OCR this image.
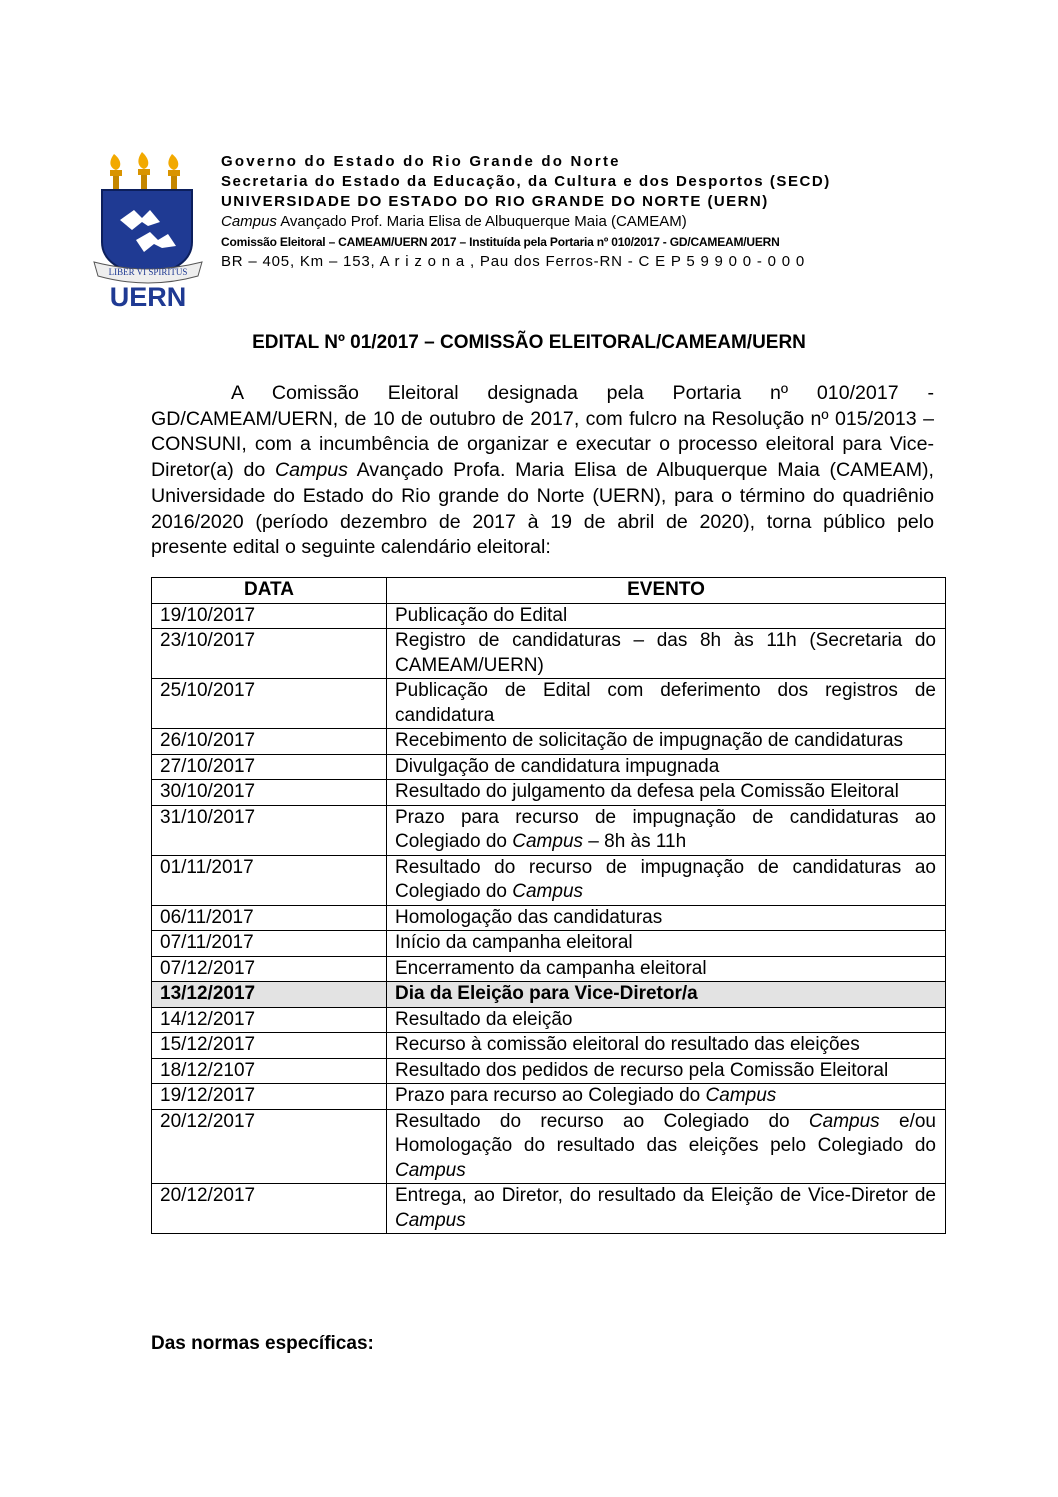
LIBER VI SPIRITUS
UERN
Governo do Estado do Rio Grande do Norte
Secretaria do Estado da Educação, da Cultura e dos Desportos (SECD)
UNIVERSIDADE DO ESTADO DO RIO GRANDE DO NORTE (UERN)
Campus Avançado Prof. Maria Elisa de Albuquerque Maia (CAMEAM)
Comissão Eleitoral – CAMEAM/UERN 2017 – Instituída pela Portaria nº 010/2017 - GD/CAMEAM/UERN
BR – 405, Km – 153, A r i z o n a , Pau dos Ferros-RN - C E P 5 9 9 0 0 - 0 0 0
EDITAL Nº 01/2017 – COMISSÃO ELEITORAL/CAMEAM/UERN
A Comissão Eleitoral designada pela Portaria nº 010/2017 - GD/CAMEAM/UERN, de 10 de outubro de 2017, com fulcro na Resolução nº 015/2013 – CONSUNI, com a incumbência de organizar e executar o processo eleitoral para Vice-Diretor(a) do Campus Avançado Profa. Maria Elisa de Albuquerque Maia (CAMEAM), Universidade do Estado do Rio grande do Norte (UERN), para o término do quadriênio 2016/2020 (período dezembro de 2017 à 19 de abril de 2020), torna público pelo presente edital o seguinte calendário eleitoral:
DATA	EVENTO
19/10/2017	Publicação do Edital
23/10/2017	Registro de candidaturas – das 8h às 11h (Secretaria do CAMEAM/UERN)
25/10/2017	Publicação de Edital com deferimento dos registros de candidatura
26/10/2017	Recebimento de solicitação de impugnação de candidaturas
27/10/2017	Divulgação de candidatura impugnada
30/10/2017	Resultado do julgamento da defesa pela Comissão Eleitoral
31/10/2017	Prazo para recurso de impugnação de candidaturas ao Colegiado do Campus – 8h às 11h
01/11/2017	Resultado do recurso de impugnação de candidaturas ao Colegiado do Campus
06/11/2017	Homologação das candidaturas
07/11/2017	Início da campanha eleitoral
07/12/2017	Encerramento da campanha eleitoral
13/12/2017	Dia da Eleição para Vice-Diretor/a
14/12/2017	Resultado da eleição
15/12/2017	Recurso à comissão eleitoral do resultado das eleições
18/12/2107	Resultado dos pedidos de recurso pela Comissão Eleitoral
19/12/2017	Prazo para recurso ao Colegiado do Campus
20/12/2017	Resultado do recurso ao Colegiado do Campus e/ou Homologação do resultado das eleições pelo Colegiado do Campus
20/12/2017	Entrega, ao Diretor, do resultado da Eleição de Vice-Diretor de Campus
Das normas específicas:
